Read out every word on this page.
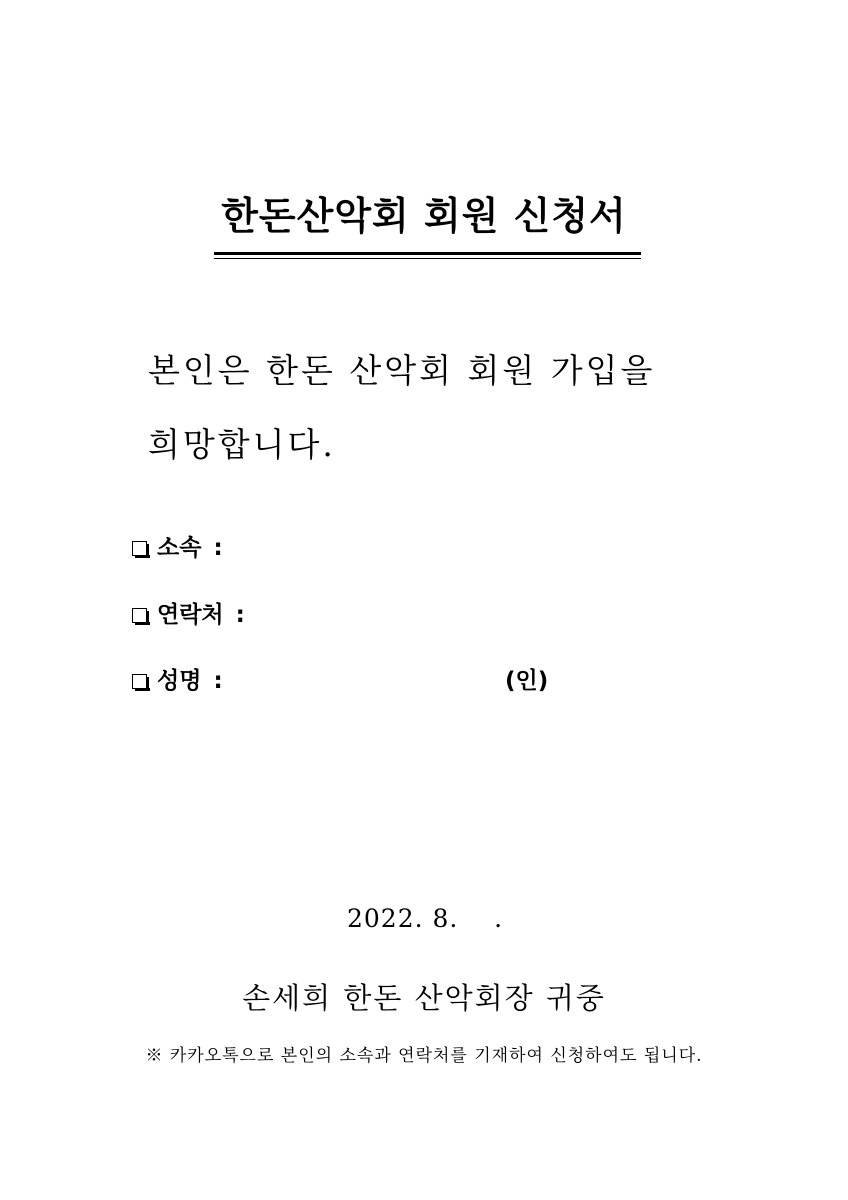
한돈산악회 회원 신청서

본인은 한돈 산악회 회원 가입을
희망합니다.

소속 :
연락처 :
성명 :	(인)
2022. 8.    .
손세희 한돈 산악회장 귀중
※ 카카오톡으로 본인의 소속과 연락처를 기재하여 신청하여도 됩니다.
